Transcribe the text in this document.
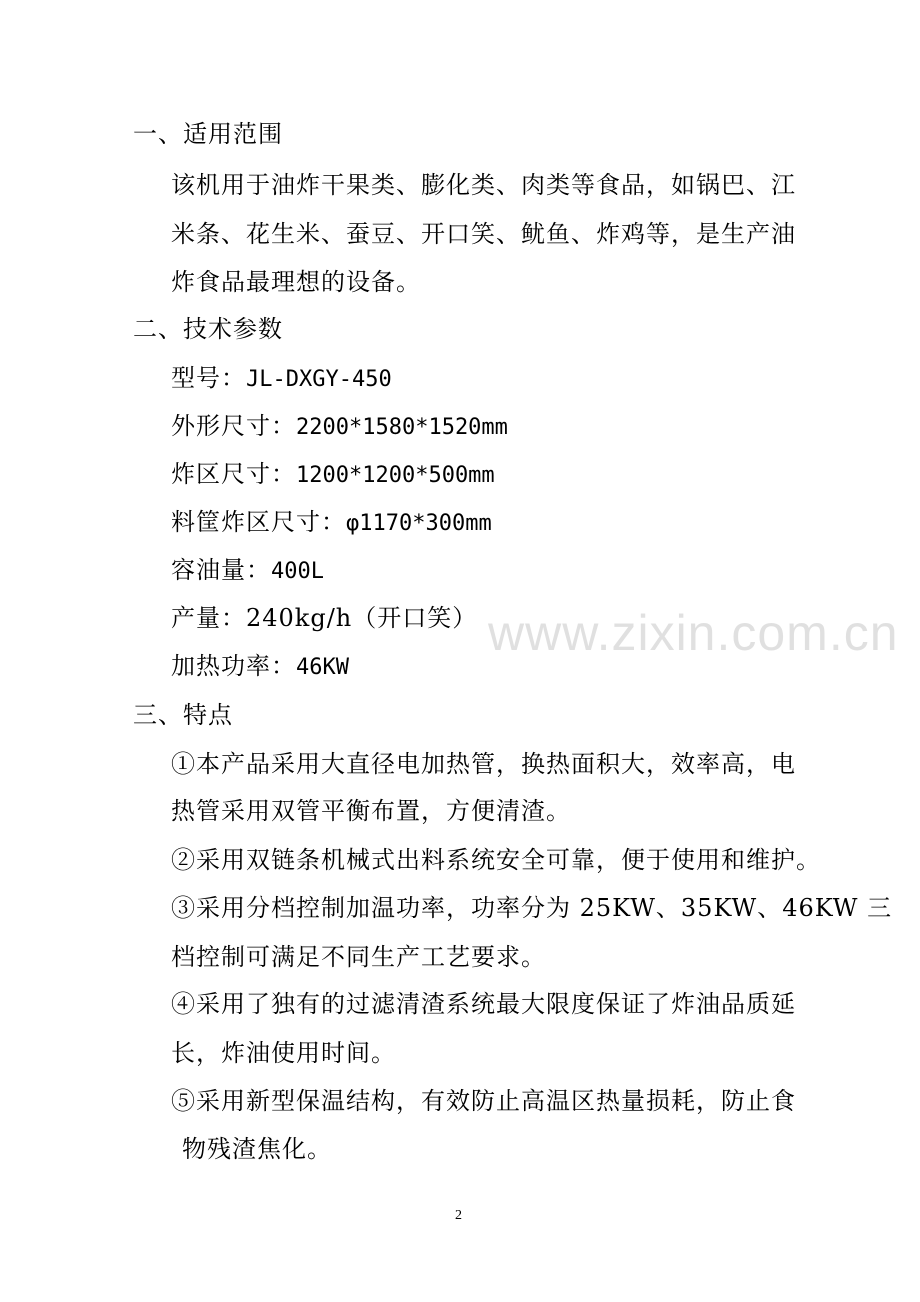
一、适用范围
该机用于油炸干果类、膨化类、肉类等食品，如锅巴、江
米条、花生米、蚕豆、开口笑、鱿鱼、炸鸡等，是生产油
炸食品最理想的设备。
二、技术参数
型号：JL-DXGY-450
外形尺寸：2200*1580*1520mm
炸区尺寸：1200*1200*500mm
料筐炸区尺寸：φ1170*300mm
容油量：400L
产量：240kg/h（开口笑）
加热功率：46KW
三、特点
①本产品采用大直径电加热管，换热面积大，效率高，电
热管采用双管平衡布置，方便清渣。
②采用双链条机械式出料系统安全可靠，便于使用和维护。
③采用分档控制加温功率，功率分为 25KW、35KW、46KW 三
档控制可满足不同生产工艺要求。
④采用了独有的过滤清渣系统最大限度保证了炸油品质延
长，炸油使用时间。
⑤采用新型保温结构，有效防止高温区热量损耗，防止食
物残渣焦化。
www.zixin.com.cn
2
